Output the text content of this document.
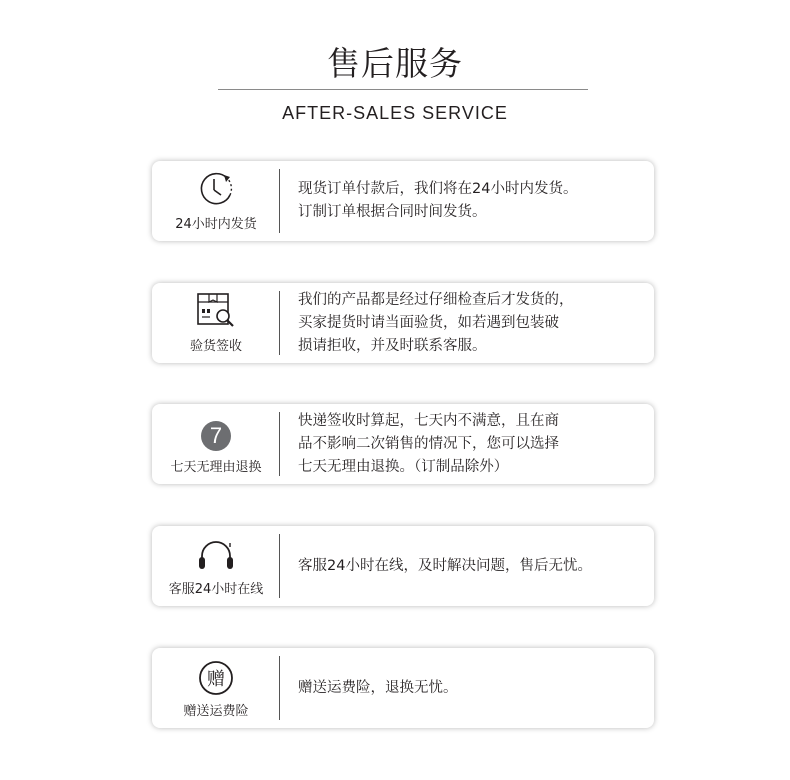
售后服务
AFTER-SALES SERVICE
24小时内发货

现货订单付款后，我们将在24小时内发货。
订制订单根据合同时间发货。

验货签收

我们的产品都是经过仔细检查后才发货的，
买家提货时请当面验货，如若遇到包装破
损请拒收，并及时联系客服。

7
七天无理由退换

快递签收时算起，七天内不满意，且在商
品不影响二次销售的情况下，您可以选择
七天无理由退换。（订制品除外）

客服24小时在线

客服24小时在线，及时解决问题，售后无忧。

赠
赠送运费险

赠送运费险，退换无忧。
